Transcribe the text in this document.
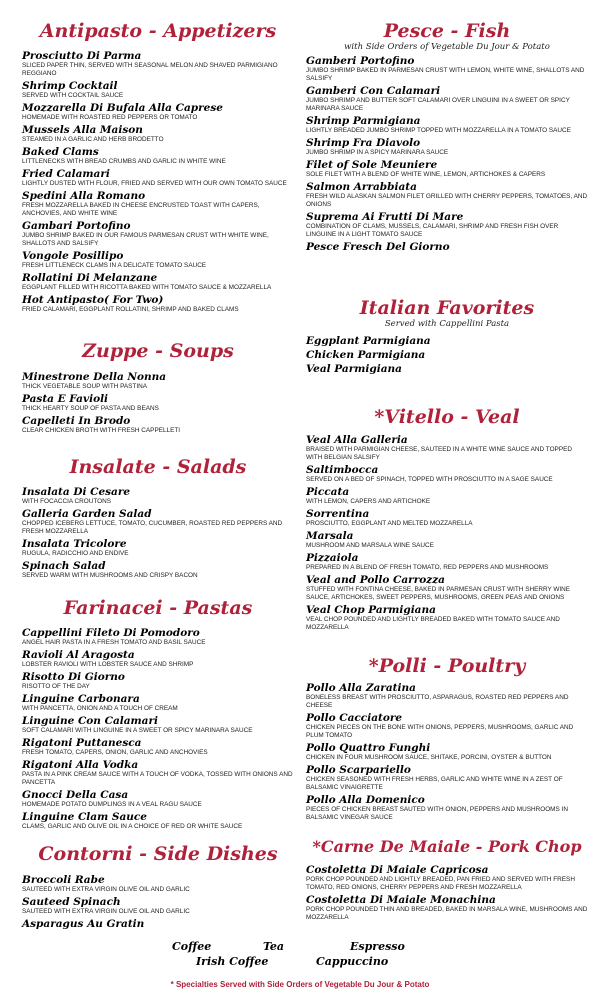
Antipasto - Appetizers
Prosciutto Di Parma
SLICED PAPER THIN, SERVED WITH SEASONAL MELON AND SHAVED PARMIGIANO REGGIANO
Shrimp Cocktail
SERVED WITH COCKTAIL SAUCE
Mozzarella Di Bufala Alla Caprese
HOMEMADE WITH ROASTED RED PEPPERS OR TOMATO
Mussels Alla Maison
STEAMED IN A GARLIC AND HERB BRODETTO
Baked Clams
LITTLENECKS WITH BREAD CRUMBS AND GARLIC IN WHITE WINE
Fried Calamari
LIGHTLY DUSTED WITH FLOUR, FRIED AND SERVED WITH OUR OWN TOMATO SAUCE
Spedini Alla Romano
FRESH MOZZARELLA BAKED IN CHEESE ENCRUSTED TOAST WITH CAPERS, ANCHOVIES, AND WHITE WINE
Gambari Portofino
JUMBO SHRIMP BAKED IN OUR FAMOUS PARMESAN CRUST WITH WHITE WINE, SHALLOTS AND SALSIFY
Vongole Posillipo
FRESH LITTLENECK CLAMS IN A DELICATE TOMATO SAUCE
Rollatini Di Melanzane
EGGPLANT FILLED WITH RICOTTA BAKED WITH TOMATO SAUCE & MOZZARELLA
Hot Antipasto( For Two)
FRIED CALAMARI, EGGPLANT ROLLATINI, SHRIMP AND BAKED CLAMS
Zuppe - Soups
Minestrone Della Nonna
THICK VEGETABLE SOUP WITH PASTINA
Pasta E Favioli
THICK HEARTY SOUP OF PASTA AND BEANS
Capelleti In Brodo
CLEAR CHICKEN BROTH WITH FRESH CAPPELLETI
Insalate - Salads
Insalata Di Cesare
WITH FOCACCIA CROUTONS
Galleria Garden Salad
CHOPPED ICEBERG LETTUCE, TOMATO, CUCUMBER, ROASTED RED PEPPERS AND FRESH MOZZARELLA
Insalata Tricolore
RUGULA, RADICCHIO AND ENDIVE
Spinach Salad
SERVED WARM WITH MUSHROOMS AND CRISPY BACON
Farinacei - Pastas
Cappellini Fileto Di Pomodoro
ANGEL HAIR PASTA IN A FRESH TOMATO AND BASIL SAUCE
Ravioli Al Aragosta
LOBSTER RAVIOLI WITH LOBSTER SAUCE AND SHRIMP
Risotto Di Giorno
RISOTTO OF THE DAY
Linguine Carbonara
WITH PANCETTA, ONION AND A TOUCH OF CREAM
Linguine Con Calamari
SOFT CALAMARI WITH LINGUINE IN A SWEET OR SPICY MARINARA SAUCE
Rigatoni Puttanesca
FRESH TOMATO, CAPERS, ONION, GARLIC AND ANCHOVIES
Rigatoni Alla Vodka
PASTA IN A PINK CREAM SAUCE WITH A TOUCH OF VODKA, TOSSED WITH ONIONS AND PANCETTA
Gnocci Della Casa
HOMEMADE POTATO DUMPLINGS IN A VEAL RAGU SAUCE
Linguine Clam Sauce
CLAMS, GARLIC AND OLIVE OIL IN A CHOICE OF RED OR WHITE SAUCE
Contorni - Side Dishes
Broccoli Rabe
SAUTEED WITH EXTRA VIRGIN OLIVE OIL AND GARLIC
Sauteed Spinach
SAUTEED WITH EXTRA VIRGIN OLIVE OIL AND GARLIC
Asparagus Au Gratin
Pesce - Fish

with Side Orders of Vegetable Du Jour & Potato

Gamberi Portofino
JUMBO SHRIMP BAKED IN PARMESAN CRUST WITH LEMON, WHITE WINE, SHALLOTS AND SALSIFY
Gamberi Con Calamari
JUMBO SHRIMP AND BUTTER SOFT CALAMARI OVER LINGUINI IN A SWEET OR SPICY MARINARA SAUCE
Shrimp Parmigiana
LIGHTLY BREADED JUMBO SHRIMP TOPPED WITH MOZZARELLA IN A TOMATO SAUCE
Shrimp Fra Diavolo
JUMBO SHRIMP IN A SPICY MARINARA SAUCE
Filet of Sole Meuniere
SOLE FILET WITH A BLEND OF WHITE WINE, LEMON, ARTICHOKES & CAPERS
Salmon Arrabbiata
FRESH WILD ALASKAN SALMON FILET GRILLED WITH CHERRY PEPPERS, TOMATOES, AND ONIONS
Suprema Ai Frutti Di Mare
COMBINATION OF CLAMS, MUSSELS, CALAMARI, SHRIMP AND FRESH FISH OVER LINGUINE IN A LIGHT TOMATO SAUCE
Pesce Fresch Del Giorno
Italian Favorites

Served with Cappellini Pasta

Eggplant Parmigiana
Chicken Parmigiana
Veal Parmigiana
*Vitello - Veal
Veal Alla Galleria
BRAISED WITH PARMIGIAN CHEESE, SAUTEED IN A WHITE WINE SAUCE AND TOPPED WITH BELGIAN SALSIFY
Saltimbocca
SERVED ON A BED OF SPINACH, TOPPED WITH PROSCIUTTO IN A SAGE SAUCE
Piccata
WITH LEMON, CAPERS AND ARTICHOKE
Sorrentina
PROSCIUTTO, EGGPLANT AND MELTED MOZZARELLA
Marsala
MUSHROOM AND MARSALA WINE SAUCE
Pizzaiola
PREPARED IN A BLEND OF FRESH TOMATO, RED PEPPERS AND MUSHROOMS
Veal and Pollo Carrozza
STUFFED WITH FONTINA CHEESE, BAKED IN PARMESAN CRUST WITH SHERRY WINE SAUCE, ARTICHOKES, SWEET PEPPERS, MUSHROOMS, GREEN PEAS AND ONIONS
Veal Chop Parmigiana
VEAL CHOP POUNDED AND LIGHTLY BREADED BAKED WITH TOMATO SAUCE AND MOZZARELLA
*Polli - Poultry
Pollo Alla Zaratina
BONELESS BREAST WITH PROSCIUTTO, ASPARAGUS, ROASTED RED PEPPERS AND CHEESE
Pollo Cacciatore
CHICKEN PIECES ON THE BONE WITH ONIONS, PEPPERS, MUSHROOMS, GARLIC AND PLUM TOMATO
Pollo Quattro Funghi
CHICKEN IN FOUR MUSHROOM SAUCE, SHITAKE, PORCINI, OYSTER & BUTTON
Pollo Scarpariello
CHICKEN SEASONED WITH FRESH HERBS, GARLIC AND WHITE WINE IN A ZEST OF BALSAMIC VINAIGRETTE
Pollo Alla Domenico
PIECES OF CHICKEN BREAST SAUTED WITH ONION, PEPPERS AND MUSHROOMS IN BALSAMIC VINEGAR SAUCE
*Carne De Maiale - Pork Chop
Costoletta Di Maiale Capricosa
PORK CHOP POUNDED AND LIGHTLY BREADED, PAN FRIED AND SERVED WITH FRESH TOMATO, RED ONIONS, CHERRY PEPPERS AND FRESH MOZZARELLA
Costoletta Di Maiale Monachina
PORK CHOP POUNDED THIN AND BREADED, BAKED IN MARSALA WINE, MUSHROOMS AND MOZZARELLA
Coffee	Tea	Espresso
Irish Coffee	Cappuccino
* Specialties Served with Side Orders of Vegetable Du Jour & Potato
